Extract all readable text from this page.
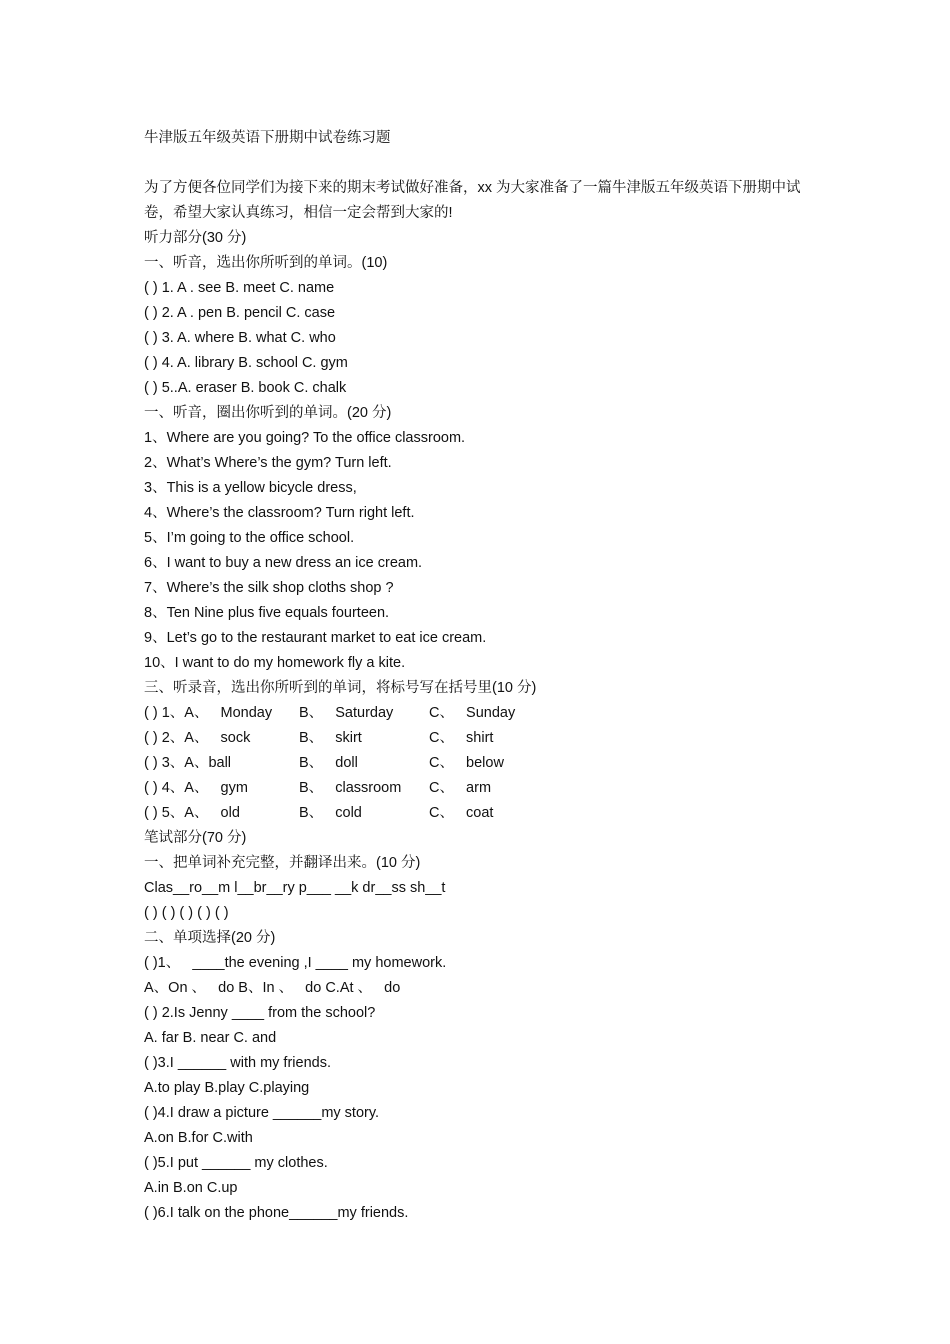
牛津版五年级英语下册期中试卷练习题
为了方便各位同学们为接下来的期末考试做好准备，xx 为大家准备了一篇牛津版五年级英语下册期中试卷，希望大家认真练习，相信一定会帮到大家的!
听力部分(30 分)
一、听音，选出你所听到的单词。(10)
( ) 1. A . see B. meet C. name
( ) 2. A . pen B. pencil C. case
( ) 3. A. where B. what C. who
( ) 4. A. library B. school C. gym
( ) 5..A. eraser B. book C. chalk
一、听音，圈出你听到的单词。(20 分)
1、Where are you going? To the office classroom.
2、What’s Where’s the gym? Turn left.
3、This is a yellow bicycle dress,
4、Where’s the classroom? Turn right left.
5、I’m going to the office school.
6、I want to buy a new dress an ice cream.
7、Where’s the silk shop cloths shop ?
8、Ten Nine plus five equals fourteen.
9、Let’s go to the restaurant market to eat ice cream.
10、I want to do my homework fly a kite.
三、听录音，选出你所听到的单词，将标号写在括号里(10 分)
( ) 1、A、   Monday B、   Saturday C、   Sunday
( ) 2、A、   sock	B、   skirt	C、   shirt
( ) 3、A、ball	B、   doll	C、   below
( ) 4、A、   gym	B、   classroom C、   arm
( ) 5、A、   old	B、   cold	C、   coat
笔试部分(70 分)
一、把单词补充完整，并翻译出来。(10 分)
Clas__ro__m l__br__ry p___ __k dr__ss sh__t
( ) ( ) ( ) ( ) ( )
二、单项选择(20 分)
( )1、   ____the evening ,I ____ my homework.
A、On 、   do B、In 、   do C.At 、   do
( ) 2.Is Jenny ____ from the school?
A. far B. near C. and
( )3.I ______ with my friends.
A.to play B.play C.playing
( )4.I draw a picture ______my story.
A.on B.for C.with
( )5.I put ______ my clothes.
A.in B.on C.up
( )6.I talk on the phone______my friends.
